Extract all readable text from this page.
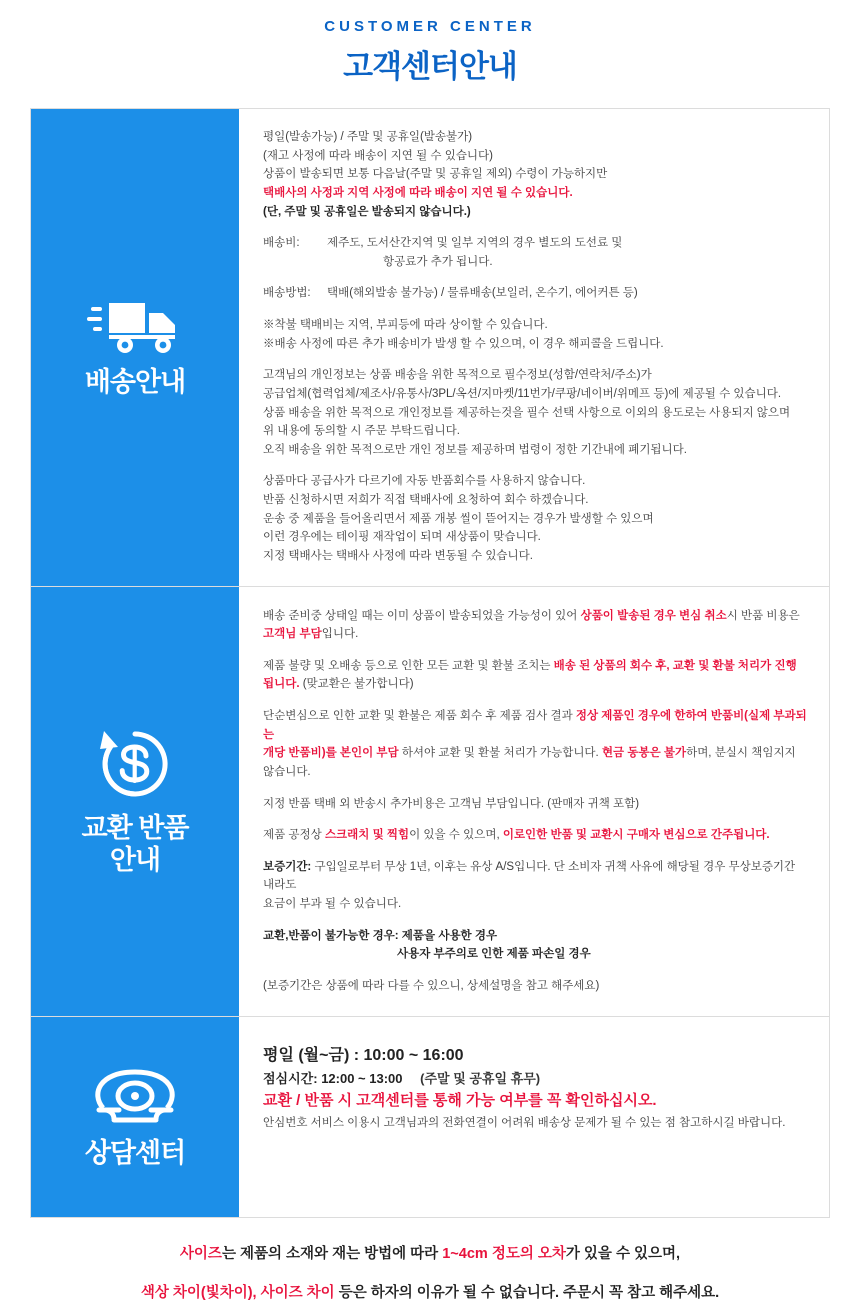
CUSTOMER CENTER
고객센터안내
배송안내

평일(발송가능) / 주말 및 공휴일(발송불가)

(재고 사정에 따라 배송이 지연 될 수 있습니다)

상품이 발송되면 보통 다음날(주말 및 공휴일 제외) 수령이 가능하지만

택배사의 사정과 지역 사정에 따라 배송이 지연 될 수 있습니다.

(단, 주말 및 공휴일은 발송되지 않습니다.)

배송비:	제주도, 도서산간지역 및 일부 지역의 경우 별도의 도선료 및

항공료가 추가 됩니다.

배송방법:	택배(해외발송 불가능) / 물류배송(보일러, 온수기, 에어커튼 등)

※착불 택배비는 지역, 부피등에 따라 상이할 수 있습니다.

※배송 사정에 따른 추가 배송비가 발생 할 수 있으며, 이 경우 해피콜을 드립니다.

고객님의 개인정보는 상품 배송을 위한 목적으로 필수정보(성함/연락처/주소)가

공급업체(협력업체/제조사/유통사/3PL/옥션/지마켓/11번가/쿠팡/네이버/위메프 등)에 제공될 수 있습니다.

상품 배송을 위한 목적으로 개인정보를 제공하는것을 필수 선택 사항으로 이외의 용도로는 사용되지 않으며

위 내용에 동의할 시 주문 부탁드립니다.

오직 배송을 위한 목적으로만 개인 정보를 제공하며 법령이 정한 기간내에 폐기됩니다.

상품마다 공급사가 다르기에 자동 반품회수를 사용하지 않습니다.

반품 신청하시면 저희가 직접 택배사에 요청하여 회수 하겠습니다.

운송 중 제품을 들어올리면서 제품 개봉 씰이 뜯어지는 경우가 발생할 수 있으며

이런 경우에는 테이핑 재작업이 되며 새상품이 맞습니다.

지정 택배사는 택배사 사정에 따라 변동될 수 있습니다.

교환 반품
안내

배송 준비중 상태일 때는 이미 상품이 발송되었을 가능성이 있어 상품이 발송된 경우 변심 취소시 반품 비용은

고객님 부담입니다.

제품 불량 및 오배송 등으로 인한 모든 교환 및 환불 조치는 배송 된 상품의 회수 후, 교환 및 환불 처리가 진행

됩니다. (맞교환은 불가합니다)

단순변심으로 인한 교환 및 환불은 제품 회수 후 제품 검사 결과 정상 제품인 경우에 한하여 반품비(실제 부과되는

개당 반품비)를 본인이 부담 하셔야 교환 및 환불 처리가 가능합니다. 현금 동봉은 불가하며, 분실시 책임지지

않습니다.

지정 반품 택배 외 반송시 추가비용은 고객님 부담입니다. (판매자 귀책 포함)

제품 공정상 스크래치 및 찍힘이 있을 수 있으며, 이로인한 반품 및 교환시 구매자 변심으로 간주됩니다.

보증기간: 구입일로부터 무상 1년, 이후는 유상 A/S입니다. 단 소비자 귀책 사유에 해당될 경우 무상보증기간 내라도

요금이 부과 될 수 있습니다.

교환,반품이 불가능한 경우: 제품을 사용한 경우

사용자 부주의로 인한 제품 파손일 경우

(보증기간은 상품에 따라 다를 수 있으니, 상세설명을 참고 해주세요)

상담센터

평일 (월~금) : 10:00 ~ 16:00

점심시간: 12:00 ~ 13:00 (주말 및 공휴일 휴무)

교환 / 반품 시 고객센터를 통해 가능 여부를 꼭 확인하십시오.

안심번호 서비스 이용시 고객님과의 전화연결이 어려워 배송상 문제가 될 수 있는 점 참고하시길 바랍니다.

사이즈는 제품의 소재와 재는 방법에 따라 1~4cm 정도의 오차가 있을 수 있으며,

색상 차이(빛차이), 사이즈 차이 등은 하자의 이유가 될 수 없습니다. 주문시 꼭 참고 해주세요.
